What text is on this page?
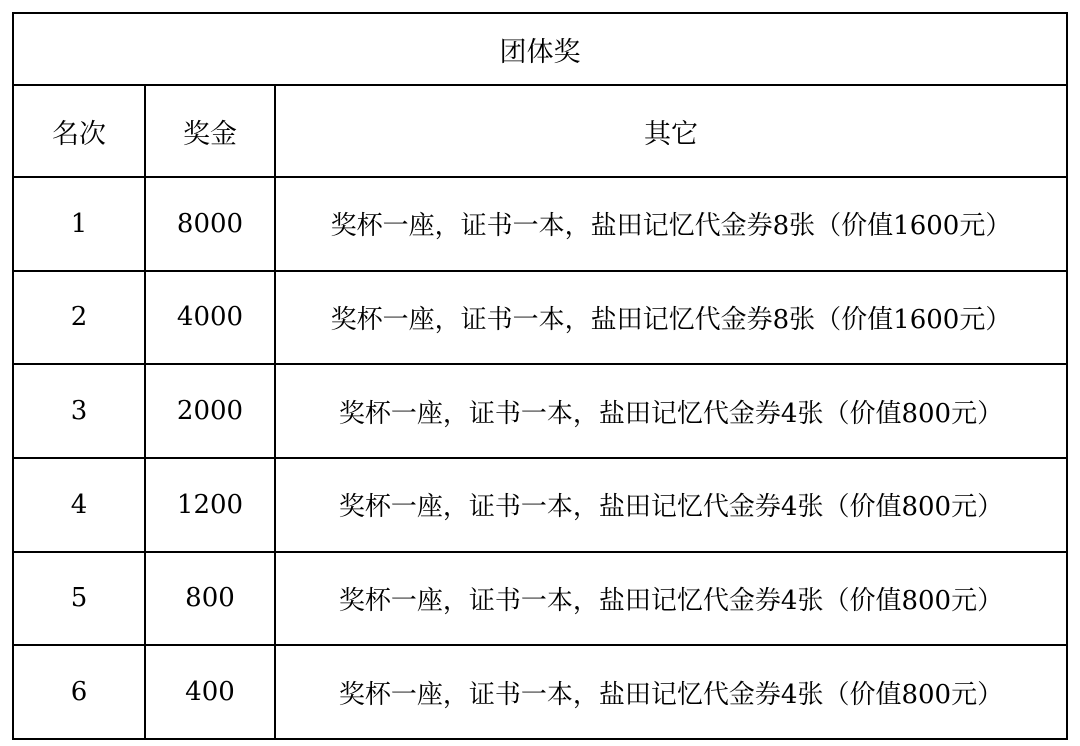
团体奖		
名次	奖金	其它
1	8000	奖杯一座，证书一本，盐田记忆代金券8张（价值1600元）
2	4000	奖杯一座，证书一本，盐田记忆代金券8张（价值1600元）
3	2000	奖杯一座，证书一本，盐田记忆代金券4张（价值800元）
4	1200	奖杯一座，证书一本，盐田记忆代金券4张（价值800元）
5	800	奖杯一座，证书一本，盐田记忆代金券4张（价值800元）
6	400	奖杯一座，证书一本，盐田记忆代金券4张（价值800元）
